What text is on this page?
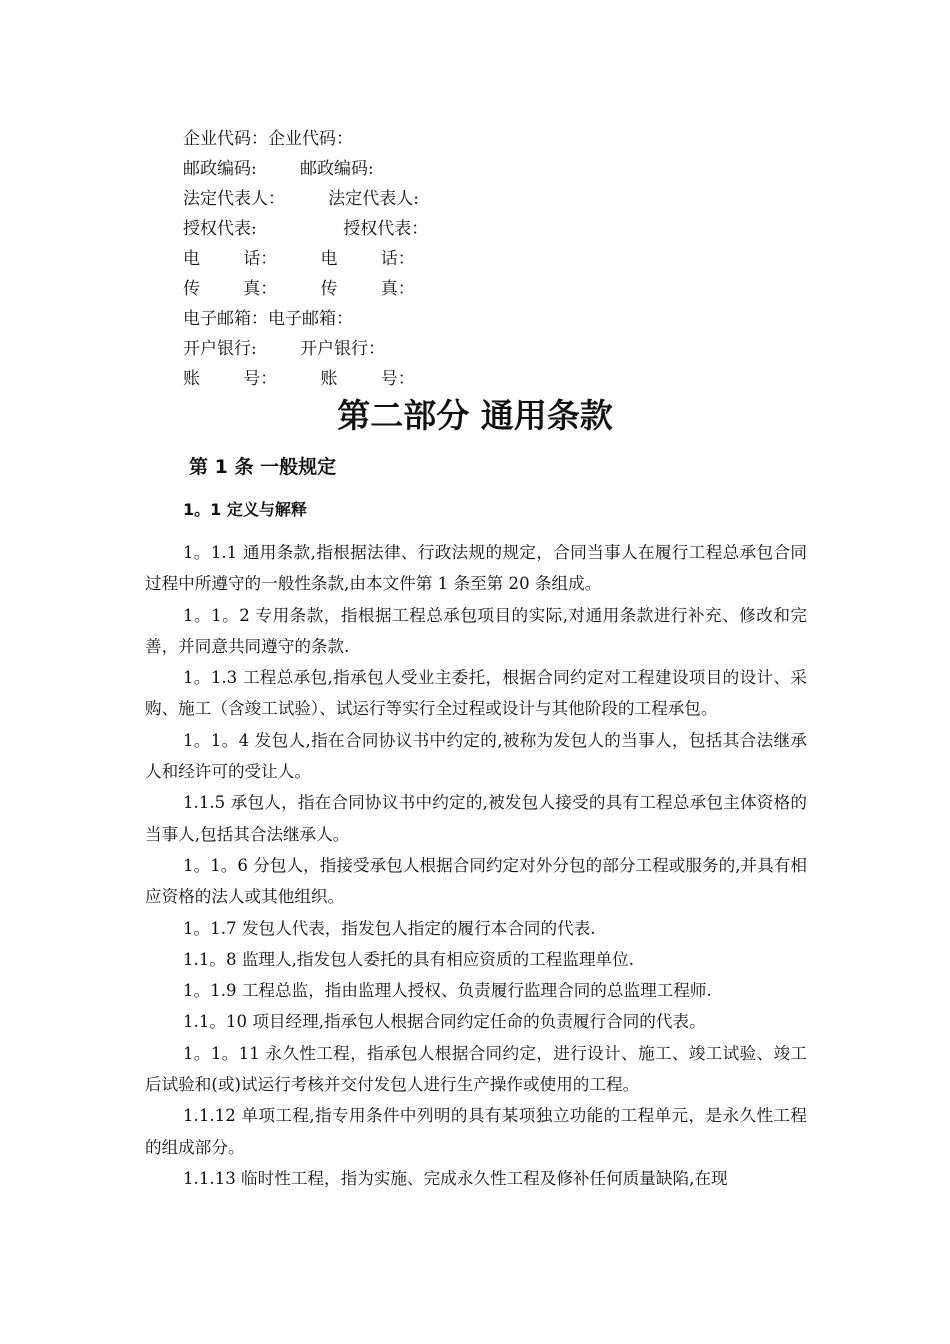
企业代码：企业代码：
邮政编码:        邮政编码:
法定代表人：        法定代表人:
授权代表:                授权代表：
电        话：        电        话：
传        真：        传        真：
电子邮箱：电子邮箱：
开户银行:        开户银行：
账        号：        账        号：
第二部分 通用条款
第 1 条 一般规定
1。1 定义与解释

1。1.1 通用条款,指根据法律、行政法规的规定，合同当事人在履行工程总承包合同过程中所遵守的一般性条款,由本文件第 1 条至第 20 条组成。

1。1。2 专用条款，指根据工程总承包项目的实际,对通用条款进行补充、修改和完善，并同意共同遵守的条款.

1。1.3 工程总承包,指承包人受业主委托，根据合同约定对工程建设项目的设计、采购、施工（含竣工试验）、试运行等实行全过程或设计与其他阶段的工程承包。

1。1。4 发包人,指在合同协议书中约定的,被称为发包人的当事人，包括其合法继承人和经许可的受让人。

1.1.5 承包人，指在合同协议书中约定的,被发包人接受的具有工程总承包主体资格的当事人,包括其合法继承人。

1。1。6 分包人，指接受承包人根据合同约定对外分包的部分工程或服务的,并具有相应资格的法人或其他组织。

1。1.7 发包人代表，指发包人指定的履行本合同的代表.

1.1。8 监理人,指发包人委托的具有相应资质的工程监理单位.

1。1.9 工程总监，指由监理人授权、负责履行监理合同的总监理工程师.

1.1。10 项目经理,指承包人根据合同约定任命的负责履行合同的代表。

1。1。11 永久性工程，指承包人根据合同约定，进行设计、施工、竣工试验、竣工后试验和(或)试运行考核并交付发包人进行生产操作或使用的工程。

1.1.12 单项工程,指专用条件中列明的具有某项独立功能的工程单元，是永久性工程的组成部分。

1.1.13 临时性工程，指为实施、完成永久性工程及修补任何质量缺陷,在现
